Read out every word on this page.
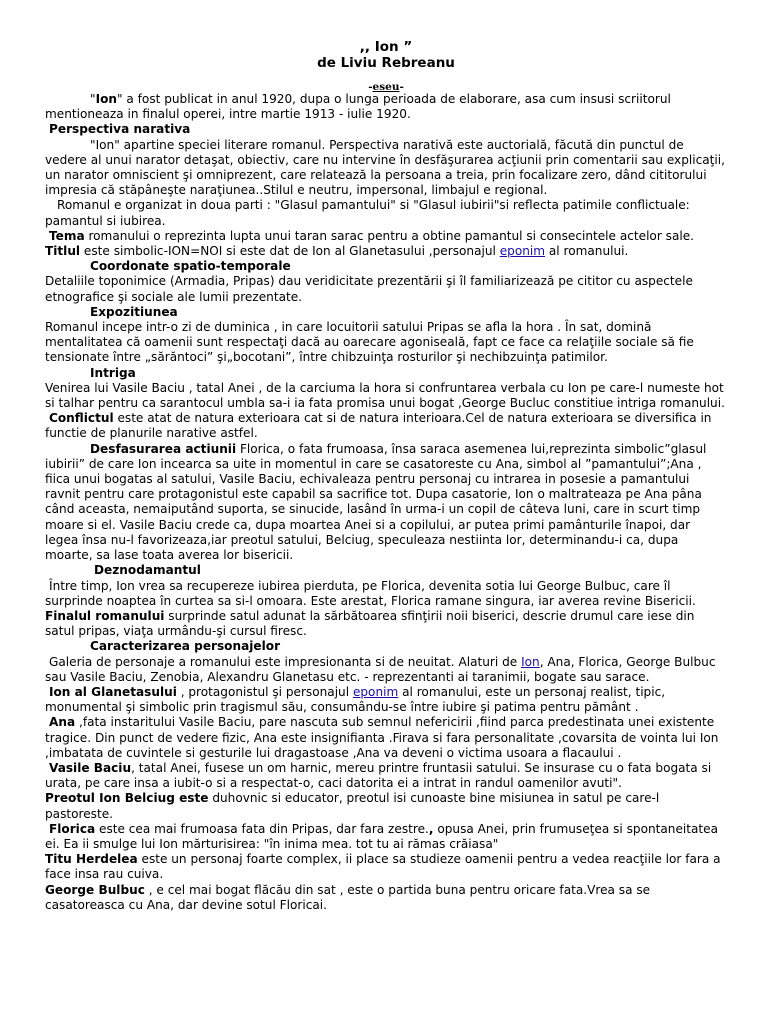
,, Ion ”

de Liviu Rebreanu

-eseu-

"Ion" a fost publicat in anul 1920, dupa o lunga perioada de elaborare, asa cum insusi scriitorul mentioneaza in finalul operei, intre martie 1913 - iulie 1920.

Perspectiva narativa

"Ion" apartine speciei literare romanul. Perspectiva narativă este auctorială, făcută din punctul de vedere al unui narator detaşat, obiectiv, care nu intervine în desfăşurarea acţiunii prin comentarii sau explicaţii, un narator omniscient şi omniprezent, care relatează la persoana a treia, prin focalizare zero, dând cititorului impresia că stăpâneşte naraţiunea..Stilul e neutru, impersonal, limbajul e regional.

Romanul e organizat in doua parti : "Glasul pamantului" si "Glasul iubirii"si reflecta patimile conflictuale: pamantul si iubirea.

Tema romanului o reprezinta lupta unui taran sarac pentru a obtine pamantul si consecintele actelor sale.

Titlul este simbolic-ION=NOI si este dat de Ion al Glanetasului ,personajul eponim al romanului.

Coordonate spatio-temporale

Detaliile toponimice (Armadia, Pripas) dau veridicitate prezentării şi îl familiarizează pe cititor cu aspectele etnografice şi sociale ale lumii prezentate.

Expozitiunea

Romanul incepe intr-o zi de duminica , in care locuitorii satului Pripas se afla la hora . În sat, domină mentalitatea că oamenii sunt respectaţi dacă au oarecare agoniseală, fapt ce face ca relaţiile sociale să fie tensionate între „sărăntoci” şi„bocotani”, între chibzuinţa rosturilor şi nechibzuinţa patimilor.

Intriga

Venirea lui Vasile Baciu , tatal Anei , de la carciuma la hora si confruntarea verbala cu Ion pe care-l numeste hot si talhar pentru ca sarantocul umbla sa-i ia fata promisa unui bogat ,George Bucluc constitiue intriga romanului.

Conflictul este atat de natura exterioara cat si de natura interioara.Cel de natura exterioara se diversifica in functie de planurile narative astfel.

Desfasurarea actiunii Florica, o fata frumoasa, însa saraca asemenea lui,reprezinta simbolic”glasul iubirii” de care Ion incearca sa uite in momentul in care se casatoreste cu Ana, simbol al ”pamantului”;Ana , fiica unui bogatas al satului, Vasile Baciu, echivaleaza pentru personaj cu intrarea in posesie a pamantului ravnit pentru care protagonistul este capabil sa sacrifice tot. Dupa casatorie, Ion o maltrateaza pe Ana pâna când aceasta, nemaiputând suporta, se sinucide, lasând în urma-i un copil de câteva luni, care in scurt timp moare si el. Vasile Baciu crede ca, dupa moartea Anei si a copilului, ar putea primi pamânturile înapoi, dar legea însa nu-l favorizeaza,iar preotul satului, Belciug, speculeaza nestiinta lor, determinandu-i ca, dupa moarte, sa lase toata averea lor bisericii.

Deznodamantul

Între timp, Ion vrea sa recupereze iubirea pierduta, pe Florica, devenita sotia lui George Bulbuc, care îl surprinde noaptea în curtea sa si-l omoara. Este arestat, Florica ramane singura, iar averea revine Bisericii.

Finalul romanului surprinde satul adunat la sărbătoarea sfinţirii noii biserici, descrie drumul care iese din satul pripas, viaţa urmându-şi cursul firesc.

Caracterizarea personajelor

Galeria de personaje a romanului este impresionanta si de neuitat. Alaturi de Ion, Ana, Florica, George Bulbuc sau Vasile Baciu, Zenobia, Alexandru Glanetasu etc. - reprezentanti ai taranimii, bogate sau sarace.

Ion al Glanetasului , protagonistul şi personajul eponim al romanului, este un personaj realist, tipic, monumental şi simbolic prin tragismul său, consumându-se între iubire şi patima pentru pământ .

Ana ,fata instaritului Vasile Baciu, pare nascuta sub semnul nefericirii ,fiind parca predestinata unei existente tragice. Din punct de vedere fizic, Ana este insignifianta .Firava si fara personalitate ,covarsita de vointa lui Ion ,imbatata de cuvintele si gesturile lui dragastoase ,Ana va deveni o victima usoara a flacaului .

Vasile Baciu, tatal Anei, fusese un om harnic, mereu printre fruntasii satului. Se insurase cu o fata bogata si urata, pe care insa a iubit-o si a respectat-o, caci datorita ei a intrat in randul oamenilor avuti".

Preotul Ion Belciug este duhovnic si educator, preotul isi cunoaste bine misiunea in satul pe care-l pastoreste.

Florica este cea mai frumoasa fata din Pripas, dar fara zestre., opusa Anei, prin frumuseţea si spontaneitatea ei. Ea ii smulge lui Ion mărturisirea: "în inima mea. tot tu ai rămas crăiasa"

Titu Herdelea este un personaj foarte complex, ii place sa studieze oamenii pentru a vedea reacţiile lor fara a face insa rau cuiva.

George Bulbuc , e cel mai bogat flăcău din sat , este o partida buna pentru oricare fata.Vrea sa se casatoreasca cu Ana, dar devine sotul Floricai.
